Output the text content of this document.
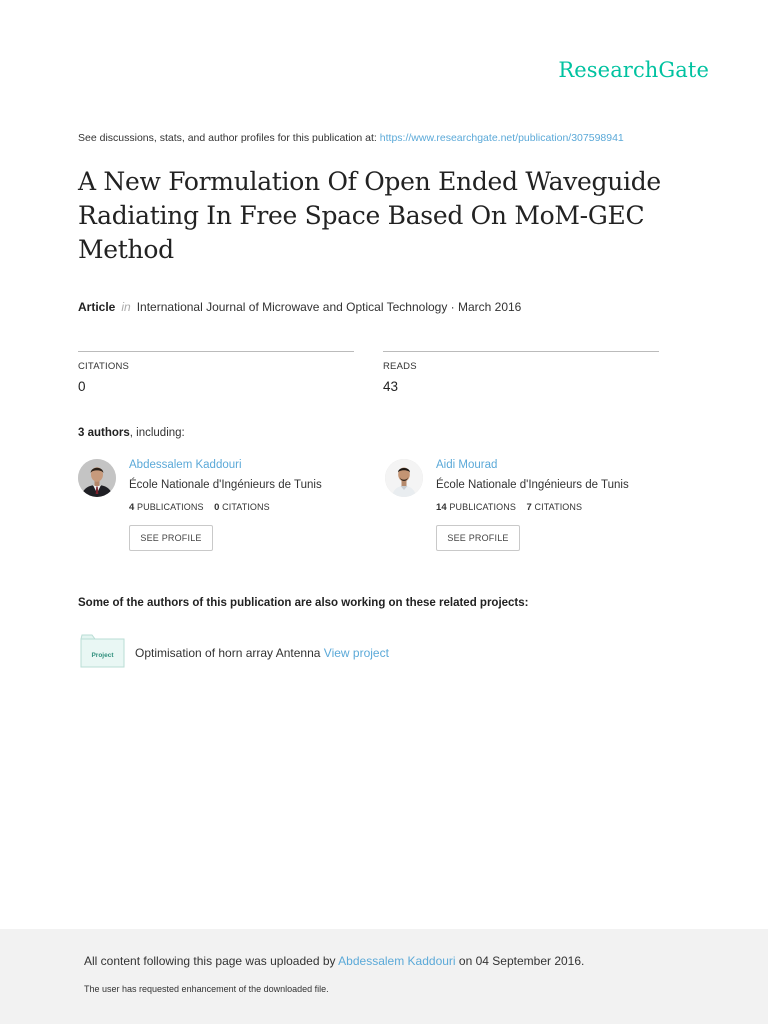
ResearchGate
See discussions, stats, and author profiles for this publication at: https://www.researchgate.net/publication/307598941
A New Formulation Of Open Ended Waveguide Radiating In Free Space Based On MoM-GEC Method
Article in International Journal of Microwave and Optical Technology · March 2016
CITATIONS
0
READS
43
3 authors, including:
Abdessalem Kaddouri
École Nationale d'Ingénieurs de Tunis
4 PUBLICATIONS 0 CITATIONS
SEE PROFILE
Aidi Mourad
École Nationale d'Ingénieurs de Tunis
14 PUBLICATIONS 7 CITATIONS
SEE PROFILE
Some of the authors of this publication are also working on these related projects:
Project Optimisation of horn array Antenna View project
All content following this page was uploaded by Abdessalem Kaddouri on 04 September 2016.
The user has requested enhancement of the downloaded file.
